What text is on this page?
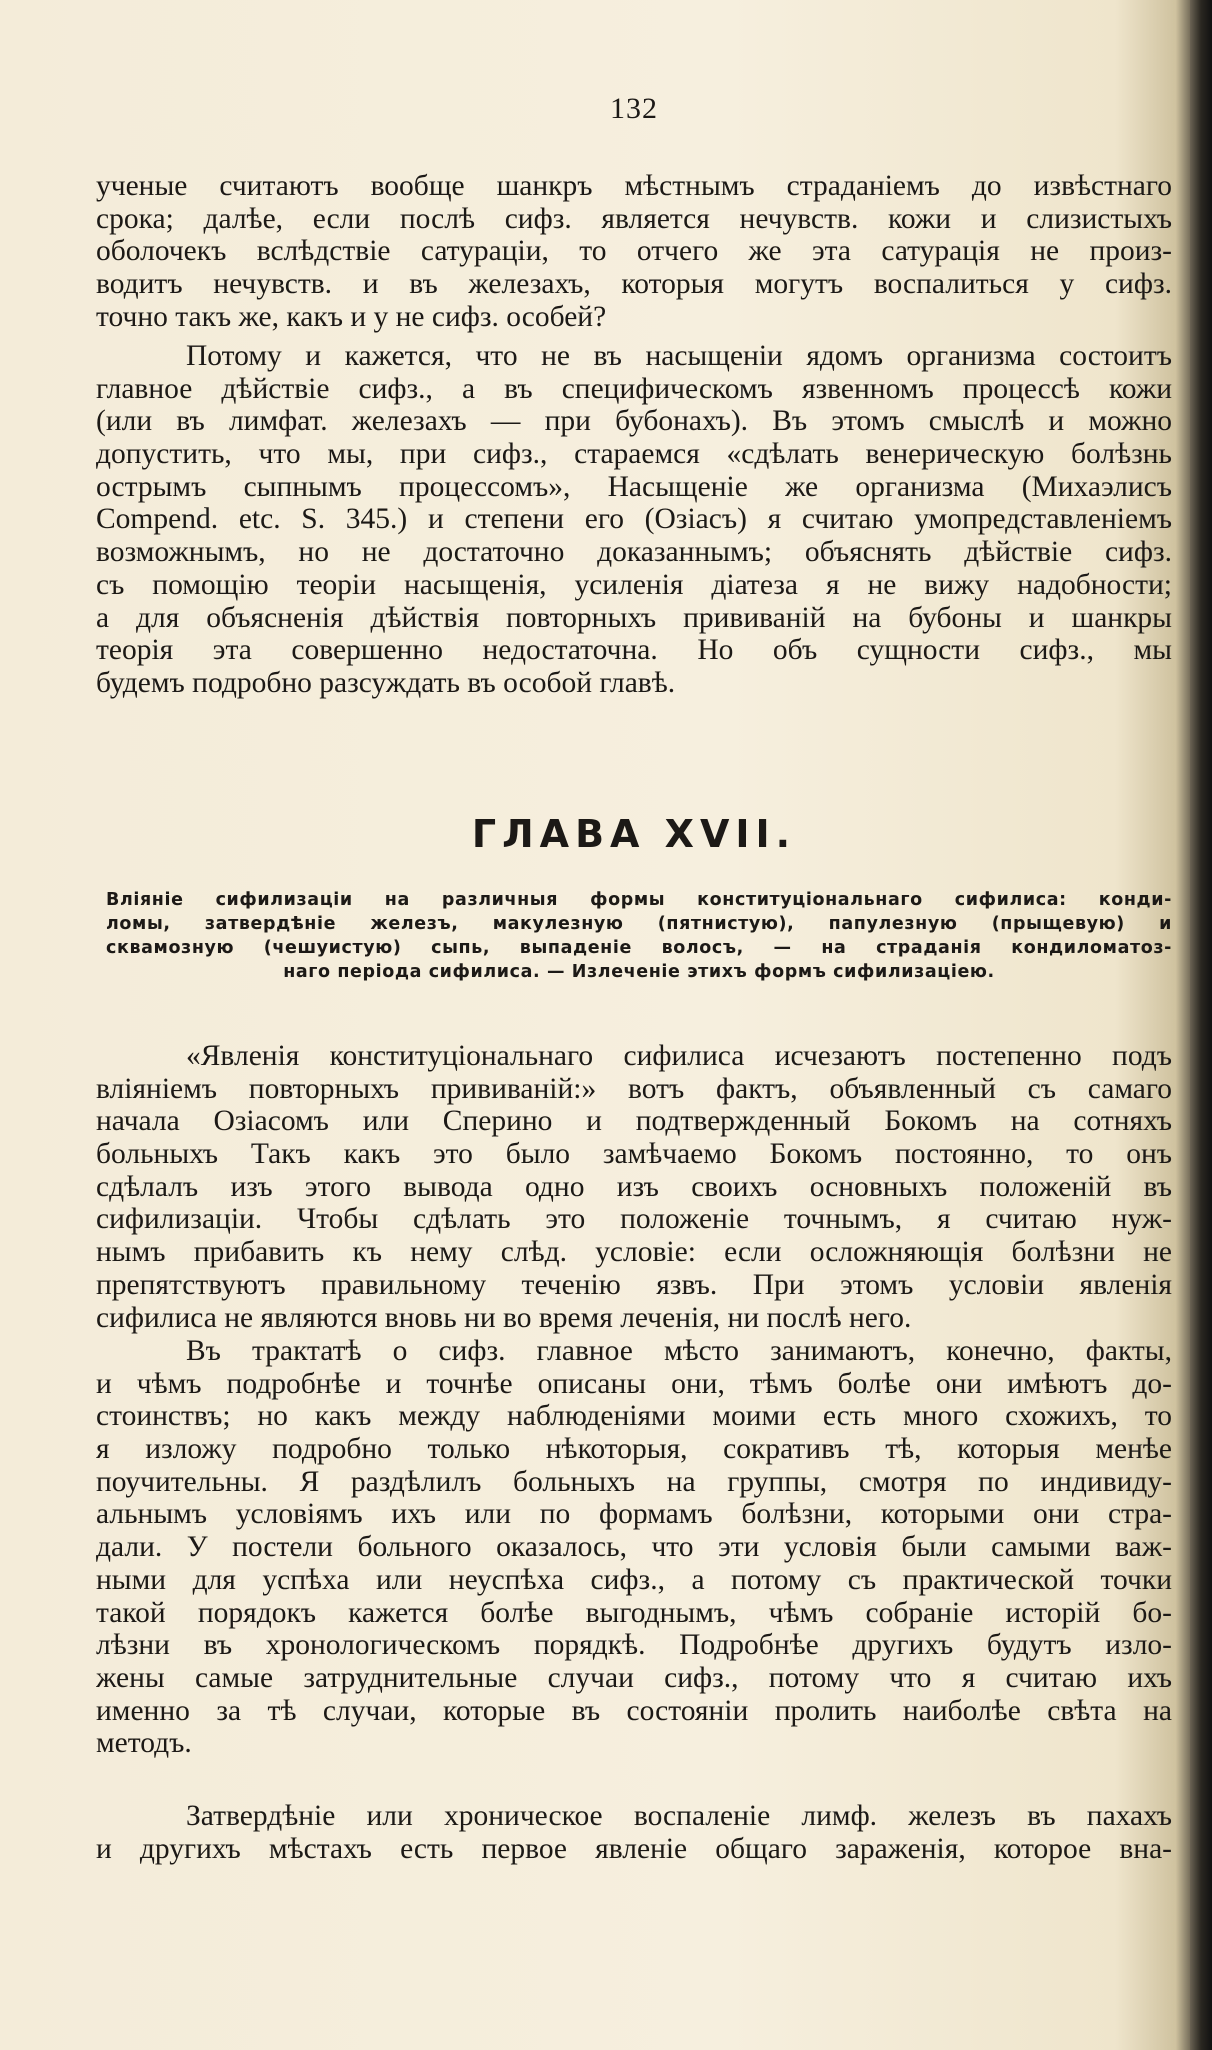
132
ученые считаютъ вообще шанкръ мѣстнымъ страданіемъ до извѣстнаго
срока; далѣе, если послѣ сифз. является нечувств. кожи и слизистыхъ
оболочекъ вслѣдствіе сатураціи, то отчего же эта сатурація не произ-
водитъ нечувств. и въ железахъ, которыя могутъ воспалиться у сифз.
точно такъ же, какъ и у не сифз. особей?
Потому и кажется, что не въ насыщеніи ядомъ организма состоитъ
главное дѣйствіе сифз., а въ специфическомъ язвенномъ процессѣ кожи
(или въ лимфат. железахъ — при бубонахъ). Въ этомъ смыслѣ и можно
допустить, что мы, при сифз., стараемся «сдѣлать венерическую болѣзнь
острымъ сыпнымъ процессомъ», Насыщеніе же организма (Михаэлисъ
Compend. etc. S. 345.) и степени его (Озіасъ) я считаю умопредставленіемъ
возможнымъ, но не достаточно доказаннымъ; объяснять дѣйствіе сифз.
съ помощію теоріи насыщенія, усиленія діатеза я не вижу надобности;
а для объясненія дѣйствія повторныхъ прививаній на бубоны и шанкры
теорія эта совершенно недостаточна. Но объ сущности сифз., мы
будемъ подробно разсуждать въ особой главѣ.
ГЛАВА XVII.
Вліяніе сифилизаціи на различныя формы конституціональнаго сифилиса: конди-
ломы, затвердѣніе железъ, макулезную (пятнистую), папулезную (прыщевую) и
сквамозную (чешуистую) сыпь, выпаденіе волосъ, — на страданія кондиломатоз-
наго періода сифилиса. — Излеченіе этихъ формъ сифилизаціею.
«Явленія конституціональнаго сифилиса исчезаютъ постепенно подъ
вліяніемъ повторныхъ прививаній:» вотъ фактъ, объявленный съ самаго
начала Озіасомъ или Сперино и подтвержденный Бокомъ на сотняхъ
больныхъ Такъ какъ это было замѣчаемо Бокомъ постоянно, то онъ
сдѣлалъ изъ этого вывода одно изъ своихъ основныхъ положеній въ
сифилизаціи. Чтобы сдѣлать это положеніе точнымъ, я считаю нуж-
нымъ прибавить къ нему слѣд. условіе: если осложняющія болѣзни не
препятствуютъ правильному теченію язвъ. При этомъ условіи явленія
сифилиса не являются вновь ни во время леченія, ни послѣ него.
Въ трактатѣ о сифз. главное мѣсто занимаютъ, конечно, факты,
и чѣмъ подробнѣе и точнѣе описаны они, тѣмъ болѣе они имѣютъ до-
стоинствъ; но какъ между наблюденіями моими есть много схожихъ, то
я изложу подробно только нѣкоторыя, сокративъ тѣ, которыя менѣе
поучительны. Я раздѣлилъ больныхъ на группы, смотря по индивиду-
альнымъ условіямъ ихъ или по формамъ болѣзни, которыми они стра-
дали. У постели больного оказалось, что эти условія были самыми важ-
ными для успѣха или неуспѣха сифз., а потому съ практической точки
такой порядокъ кажется болѣе выгоднымъ, чѣмъ собраніе исторій бо-
лѣзни въ хронологическомъ порядкѣ. Подробнѣе другихъ будутъ изло-
жены самые затруднительные случаи сифз., потому что я считаю ихъ
именно за тѣ случаи, которые въ состояніи пролить наиболѣе свѣта на
методъ.
Затвердѣніе или хроническое воспаленіе лимф. железъ въ пахахъ
и другихъ мѣстахъ есть первое явленіе общаго зараженія, которое вна-
